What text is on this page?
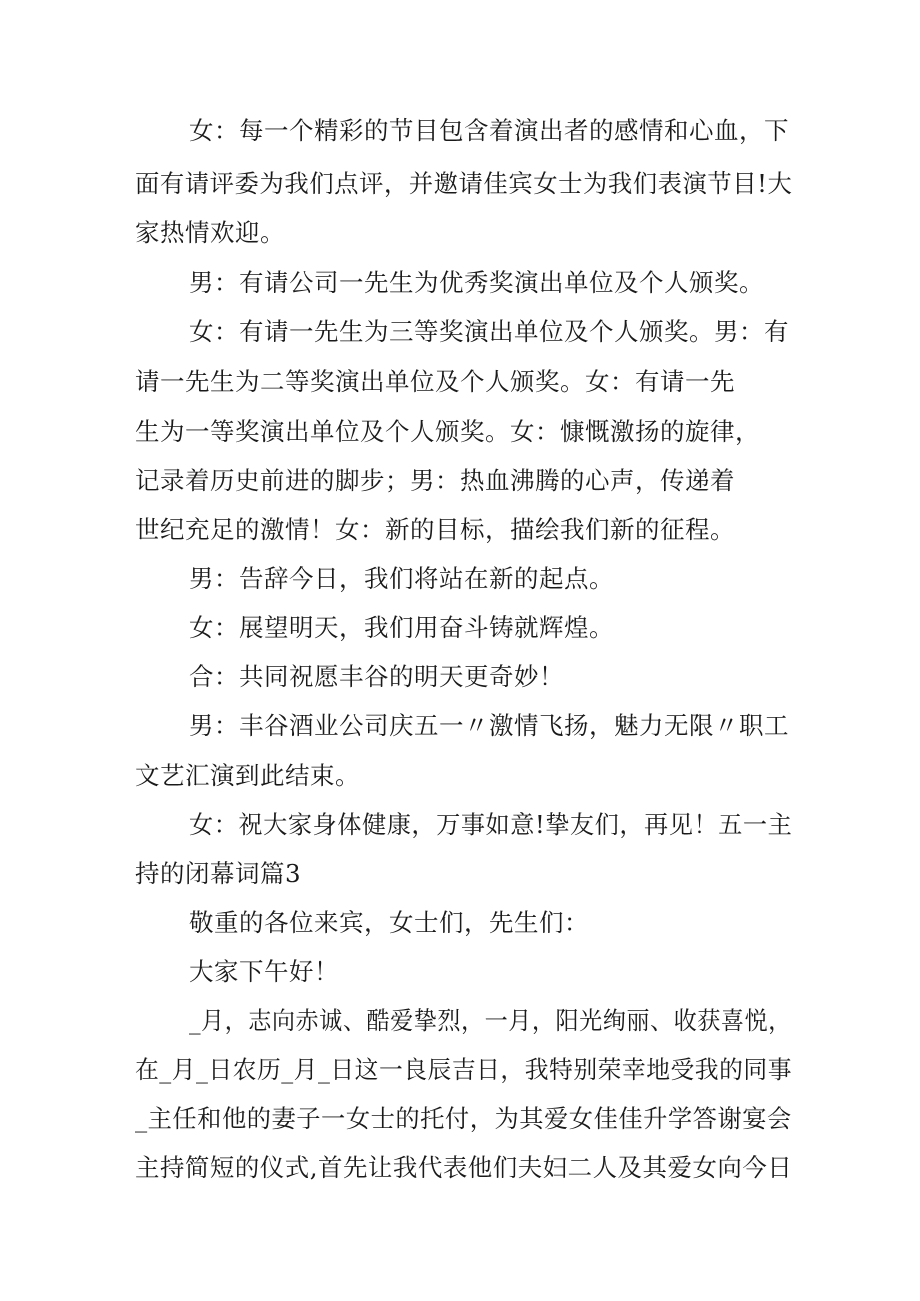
女：每一个精彩的节目包含着演出者的感情和心血，下
面有请评委为我们点评，并邀请佳宾女士为我们表演节目!大
家热情欢迎。
男：有请公司一先生为优秀奖演出单位及个人颁奖。
女：有请一先生为三等奖演出单位及个人颁奖。男：有
请一先生为二等奖演出单位及个人颁奖。女：有请一先
生为一等奖演出单位及个人颁奖。女：慷慨激扬的旋律，
记录着历史前进的脚步；男：热血沸腾的心声，传递着
世纪充足的激情！女：新的目标，描绘我们新的征程。
男：告辞今日，我们将站在新的起点。
女：展望明天，我们用奋斗铸就辉煌。
合：共同祝愿丰谷的明天更奇妙！
男：丰谷酒业公司庆五一〃激情飞扬，魅力无限〃职工
文艺汇演到此结束。
女：祝大家身体健康，万事如意!挚友们，再见！五一主
持的闭幕词篇3
敬重的各位来宾，女士们，先生们：
大家下午好！
_月，志向赤诚、酷爱挚烈，一月，阳光绚丽、收获喜悦，
在_月_日农历_月_日这一良辰吉日，我特别荣幸地受我的同事
_主任和他的妻子一女士的托付，为其爱女佳佳升学答谢宴会
主持简短的仪式,首先让我代表他们夫妇二人及其爱女向今日
